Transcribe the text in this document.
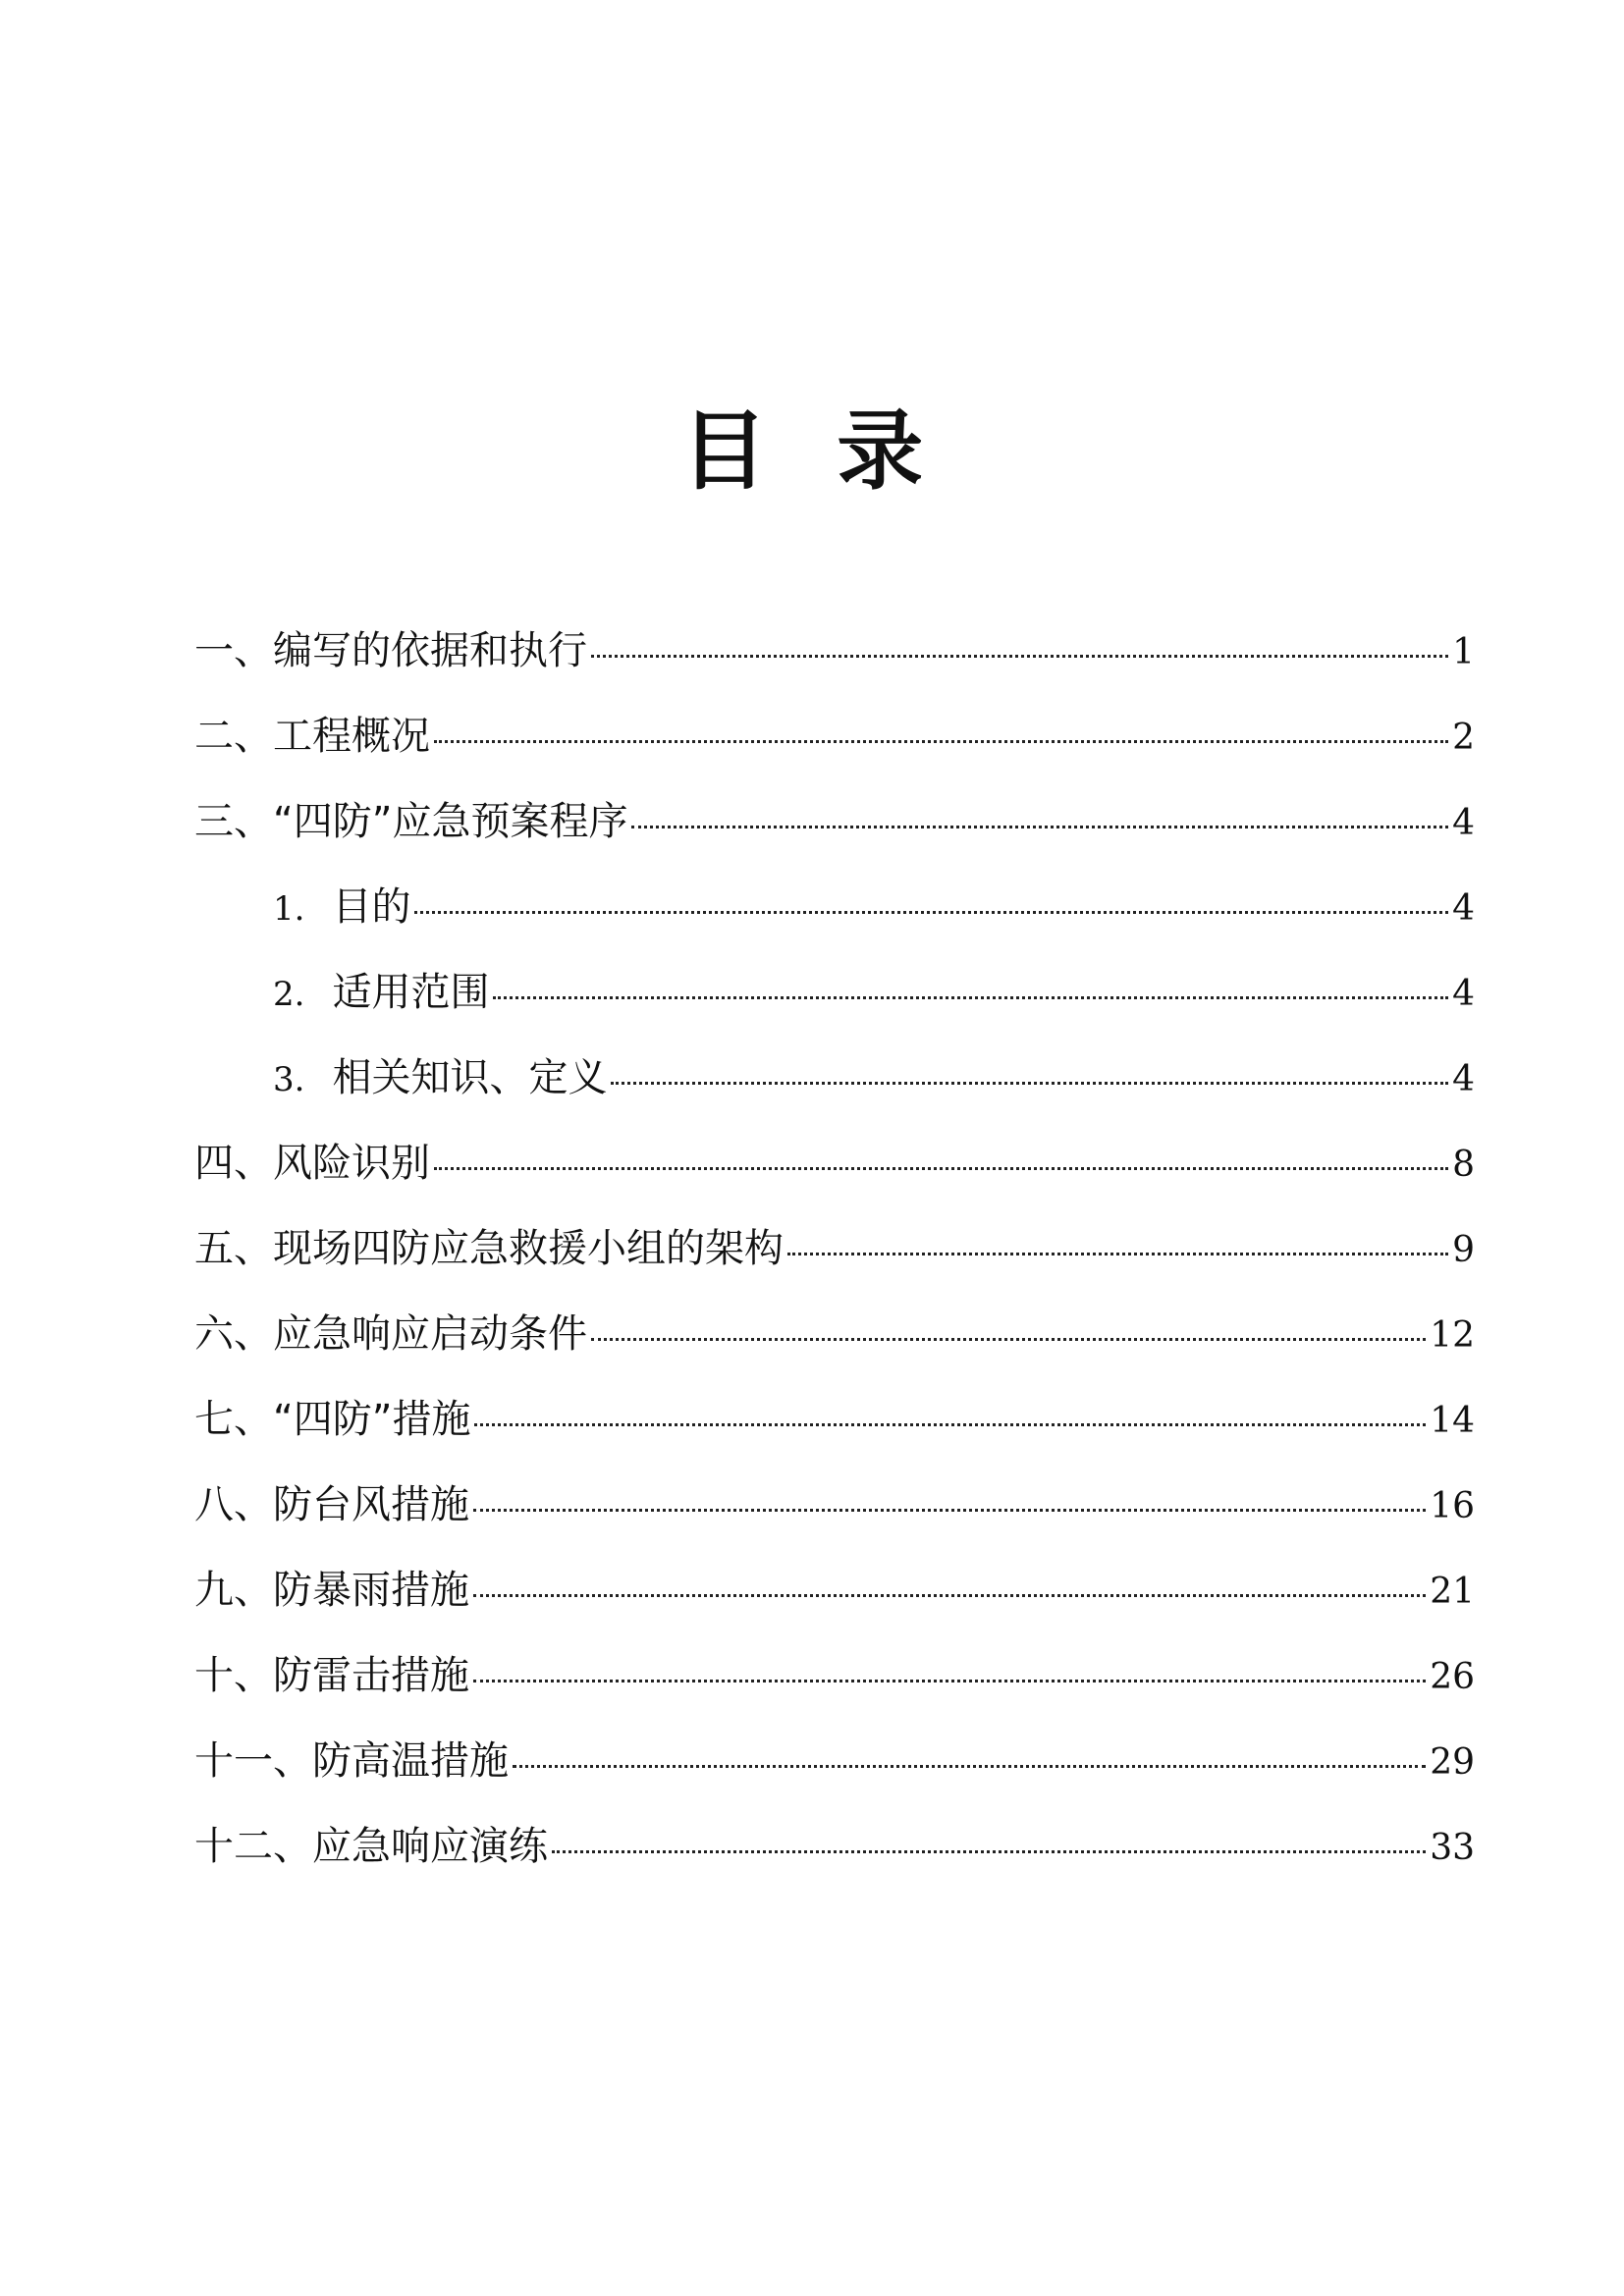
目 录
一、编写的依据和执行	1
二、工程概况	2
三、“四防”应急预案程序	4
1. 目的	4
2. 适用范围	4
3. 相关知识、定义	4
四、风险识别	8
五、现场四防应急救援小组的架构	9
六、应急响应启动条件	12
七、“四防”措施	14
八、防台风措施	16
九、防暴雨措施	21
十、防雷击措施	26
十一、防高温措施	29
十二、应急响应演练	33
